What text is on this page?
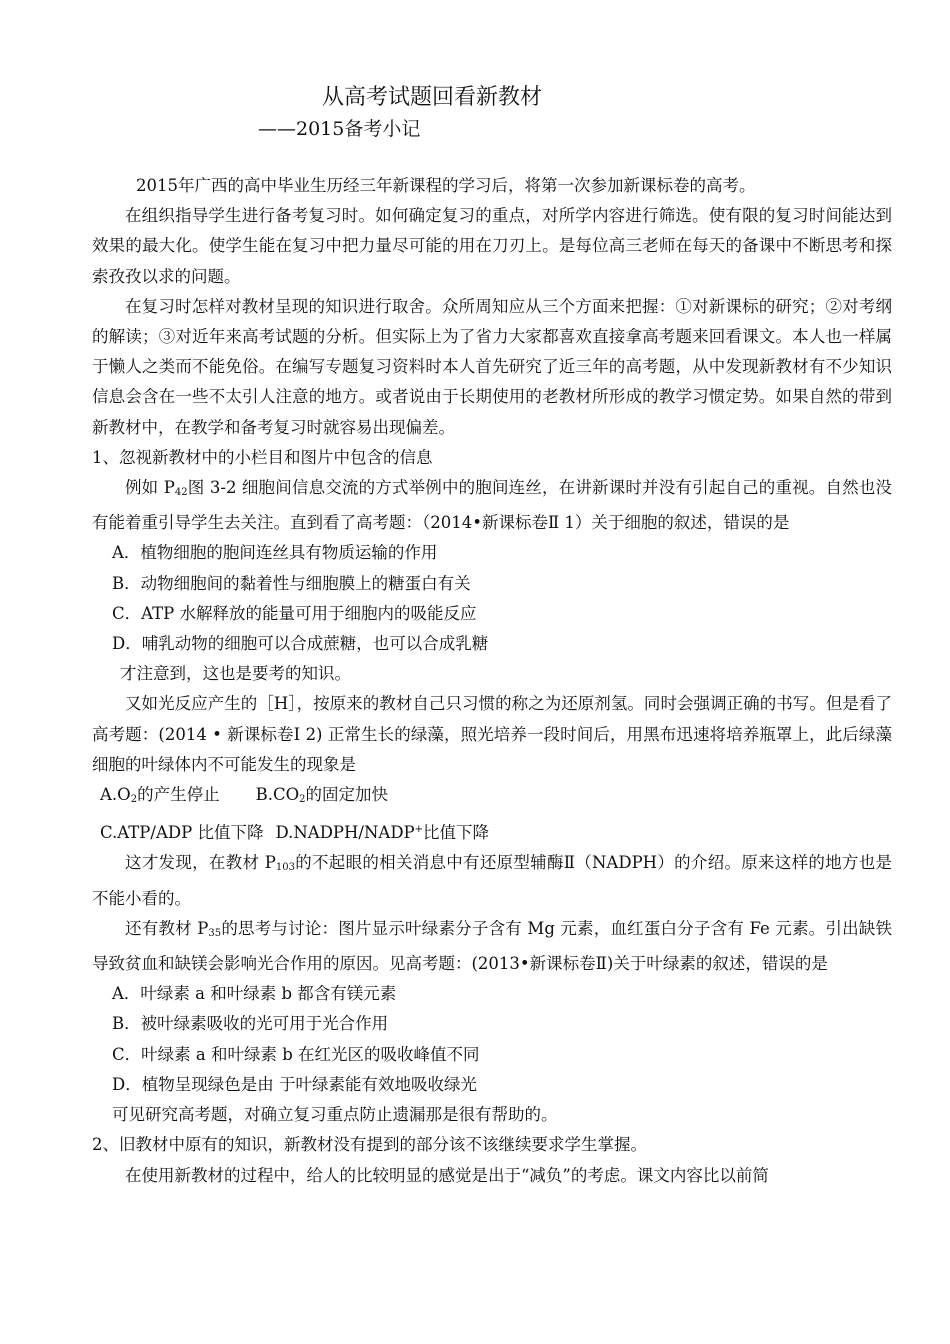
从高考试题回看新教材
——2015备考小记

2015年广西的高中毕业生历经三年新课程的学习后，将第一次参加新课标卷的高考。

在组织指导学生进行备考复习时。如何确定复习的重点，对所学内容进行筛选。使有限的复习时间能达到效果的最大化。使学生能在复习中把力量尽可能的用在刀刃上。是每位高三老师在每天的备课中不断思考和探索孜孜以求的问题。

在复习时怎样对教材呈现的知识进行取舍。众所周知应从三个方面来把握：①对新课标的研究；②对考纲的解读；③对近年来高考试题的分析。但实际上为了省力大家都喜欢直接拿高考题来回看课文。本人也一样属于懒人之类而不能免俗。在编写专题复习资料时本人首先研究了近三年的高考题，从中发现新教材有不少知识信息会含在一些不太引人注意的地方。或者说由于长期使用的老教材所形成的教学习惯定势。如果自然的带到新教材中，在教学和备考复习时就容易出现偏差。

1、忽视新教材中的小栏目和图片中包含的信息

例如 $P_{42}$图 3-2 细胞间信息交流的方式举例中的胞间连丝，在讲新课时并没有引起自己的重视。自然也没有能着重引导学生去关注。直到看了高考题：（2014•新课标卷Ⅱ 1）关于细胞的叙述，错误的是

A．植物细胞的胞间连丝具有物质运输的作用

B．动物细胞间的黏着性与细胞膜上的糖蛋白有关

C．ATP 水解释放的能量可用于细胞内的吸能反应

D．哺乳动物的细胞可以合成蔗糖，也可以合成乳糖

才注意到，这也是要考的知识。

又如光反应产生的［H］，按原来的教材自己只习惯的称之为还原剂氢。同时会强调正确的书写。但是看了高考题：(2014 • 新课标卷Ⅰ 2) 正常生长的绿藻，照光培养一段时间后，用黑布迅速将培养瓶罩上，此后绿藻细胞的叶绿体内不可能发生的现象是

$A.O_2$的产生停止 $B.CO_2$的固定加快

C.ATP/ADP 比值下降 D.NADPH/NADP+比值下降

这才发现，在教材 $P_{103}$的不起眼的相关消息中有还原型辅酶Ⅱ（NADPH）的介绍。原来这样的地方也是不能小看的。

还有教材 $P_{35}$的思考与讨论：图片显示叶绿素分子含有 Mg 元素，血红蛋白分子含有 Fe 元素。引出缺铁导致贫血和缺镁会影响光合作用的原因。见高考题：(2013•新课标卷Ⅱ)关于叶绿素的叙述，错误的是

A．叶绿素 a 和叶绿素 b 都含有镁元素

B．被叶绿素吸收的光可用于光合作用

C．叶绿素 a 和叶绿素 b 在红光区的吸收峰值不同

D．植物呈现绿色是由 于叶绿素能有效地吸收绿光

可见研究高考题，对确立复习重点防止遗漏那是很有帮助的。

2、旧教材中原有的知识，新教材没有提到的部分该不该继续要求学生掌握。

在使用新教材的过程中，给人的比较明显的感觉是出于“减负”的考虑。课文内容比以前简
